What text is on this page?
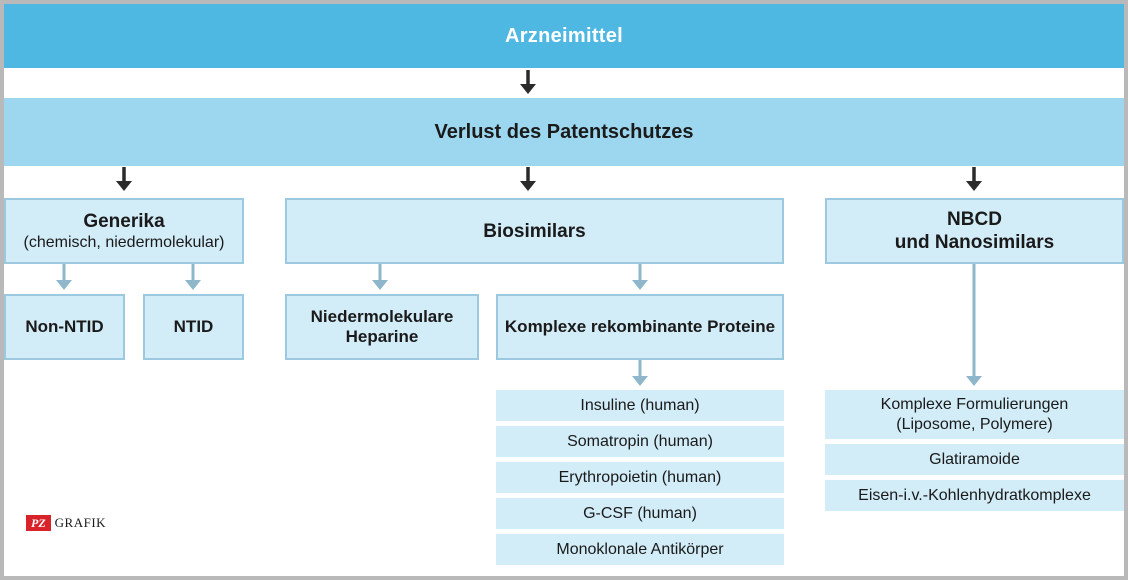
Arzneimittel
Verlust des Patentschutzes
Generika
(chemisch, niedermolekular)
Non-NTID	NTID
Biosimilars
Niedermolekulare Heparine
Komplexe rekombinante Proteine
Insuline (human)
Somatropin (human)
Erythropoietin (human)
G-CSF (human)
Monoklonale Antikörper
NBCD
und Nanosimilars
Komplexe Formulierungen (Liposome, Polymere)
Glatiramoide
Eisen-i.v.-Kohlenhydratkomplexe
PZ GRAFIK
